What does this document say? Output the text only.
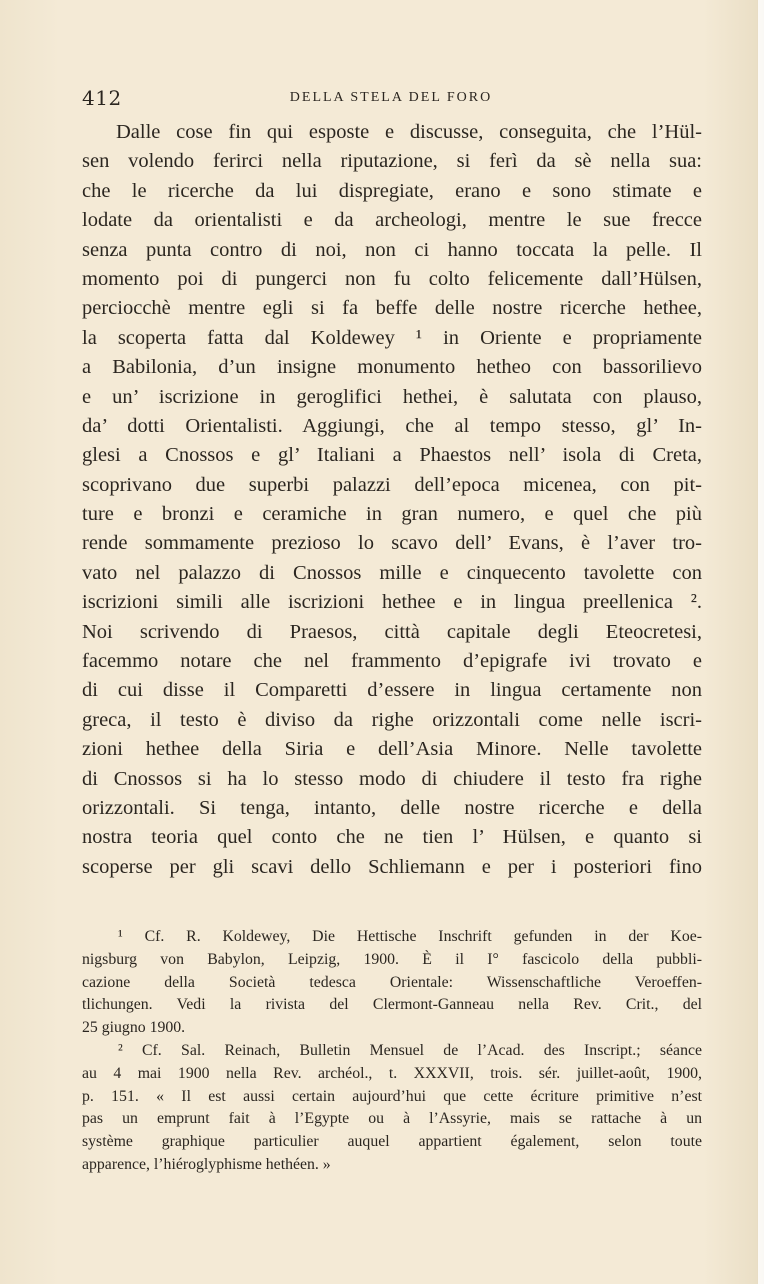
412	DELLA STELA DEL FORO
Dalle cose fin qui esposte e discusse, conseguita, che l’Hül-
sen volendo ferirci nella riputazione, si ferì da sè nella sua:
che le ricerche da lui dispregiate, erano e sono stimate e
lodate da orientalisti e da archeologi, mentre le sue frecce
senza punta contro di noi, non ci hanno toccata la pelle. Il
momento poi di pungerci non fu colto felicemente dall’Hülsen,
perciocchè mentre egli si fa beffe delle nostre ricerche hethee,
la scoperta fatta dal Koldewey ¹ in Oriente e propriamente
a Babilonia, d’un insigne monumento hetheo con bassorilievo
e un’ iscrizione in geroglifici hethei, è salutata con plauso,
da’ dotti Orientalisti. Aggiungi, che al tempo stesso, gl’ In-
glesi a Cnossos e gl’ Italiani a Phaestos nell’ isola di Creta,
scoprivano due superbi palazzi dell’epoca micenea, con pit-
ture e bronzi e ceramiche in gran numero, e quel che più
rende sommamente prezioso lo scavo dell’ Evans, è l’aver tro-
vato nel palazzo di Cnossos mille e cinquecento tavolette con
iscrizioni simili alle iscrizioni hethee e in lingua preellenica ².
Noi scrivendo di Praesos, città capitale degli Eteocretesi,
facemmo notare che nel frammento d’epigrafe ivi trovato e
di cui disse il Comparetti d’essere in lingua certamente non
greca, il testo è diviso da righe orizzontali come nelle iscri-
zioni hethee della Siria e dell’Asia Minore. Nelle tavolette
di Cnossos si ha lo stesso modo di chiudere il testo fra righe
orizzontali. Si tenga, intanto, delle nostre ricerche e della
nostra teoria quel conto che ne tien l’ Hülsen, e quanto si
scoperse per gli scavi dello Schliemann e per i posteriori fino
¹ Cf. R. Koldewey, Die Hettische Inschrift gefunden in der Koe-
nigsburg von Babylon, Leipzig, 1900. È il I° fascicolo della pubbli-
cazione della Società tedesca Orientale: Wissenschaftliche Veroeffen-
tlichungen. Vedi la rivista del Clermont-Ganneau nella Rev. Crit., del
25 giugno 1900.
² Cf. Sal. Reinach, Bulletin Mensuel de l’Acad. des Inscript.; séance
au 4 mai 1900 nella Rev. archéol., t. XXXVII, trois. sér. juillet-août, 1900,
p. 151. « Il est aussi certain aujourd’hui que cette écriture primitive n’est
pas un emprunt fait à l’Egypte ou à l’Assyrie, mais se rattache à un
système graphique particulier auquel appartient également, selon toute
apparence, l’hiéroglyphisme hethéen. »
